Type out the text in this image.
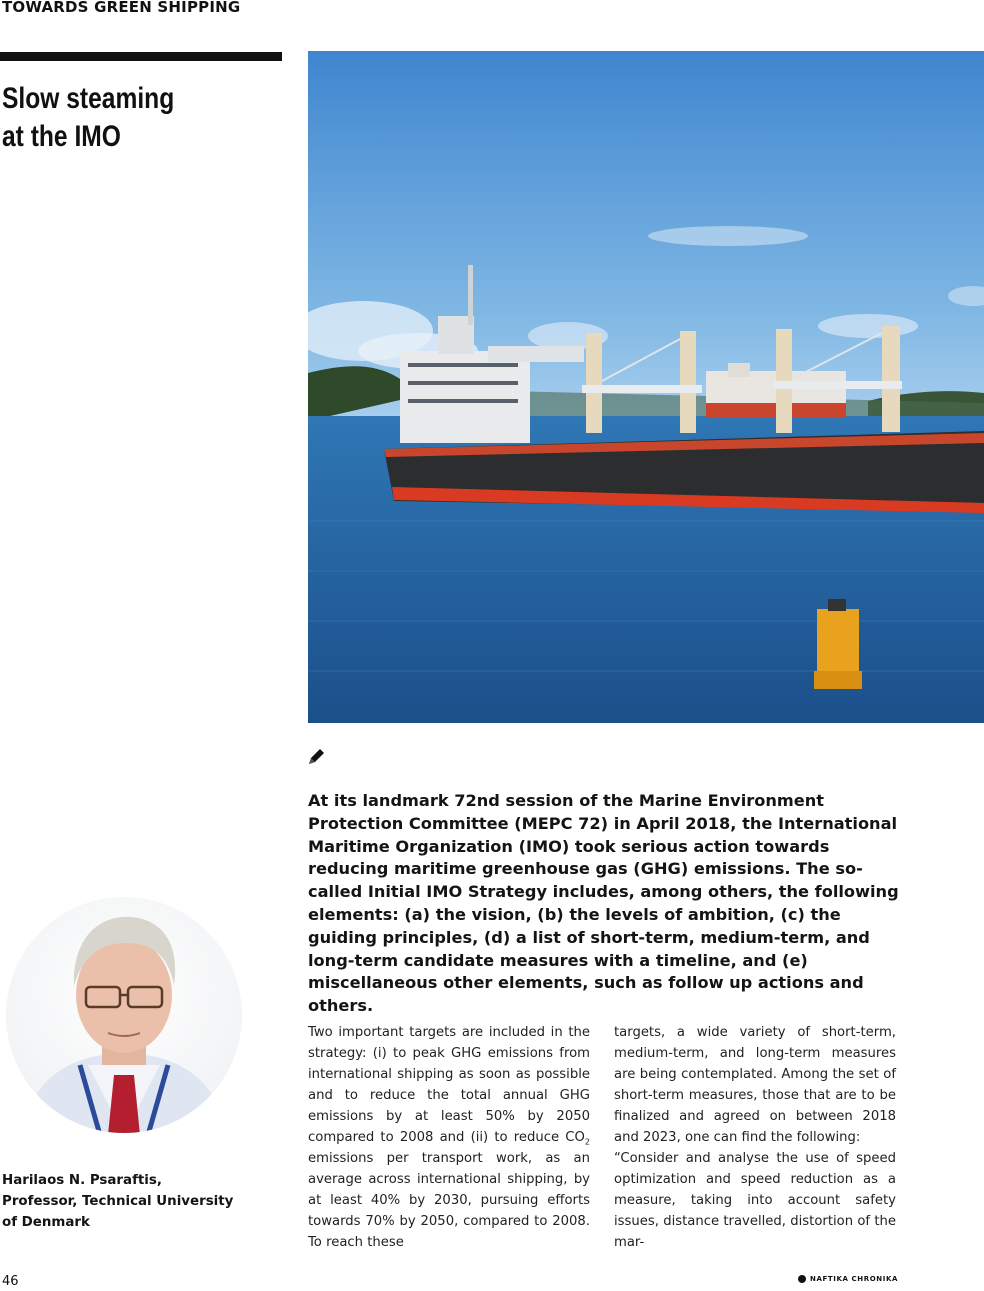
TOWARDS GREEN SHIPPING
Slow steaming
at the IMO

At its landmark 72nd session of the Marine Environment Protection Committee (MEPC 72) in April 2018, the International Maritime Organization (IMO) took serious action towards reducing maritime greenhouse gas (GHG) emissions. The so-called Initial IMO Strategy includes, among others, the following elements: (a) the vision, (b) the levels of ambition, (c) the guiding principles, (d) a list of short-term, medium-term, and long-term candidate measures with a timeline, and (e) miscellaneous other elements, such as follow up actions and others.

Harilaos N. Psaraftis,
Professor, Technical University
of Denmark

Two important targets are included in the strategy: (i) to peak GHG emissions from international shipping as soon as possible and to reduce the total annual GHG emissions by at least 50% by 2050 compared to 2008 and (ii) to reduce $CO_2$ emissions per transport work, as an average across international shipping, by at least 40% by 2030, pursuing efforts towards 70% by 2050, compared to 2008. To reach these

targets, a wide variety of short-term, medium-term, and long-term measures are being contemplated. Among the set of short-term measures, those that are to be finalized and agreed on between 2018 and 2023, one can find the following:

“Consider and analyse the use of speed optimization and speed reduction as a measure, taking into account safety issues, distance travelled, distortion of the mar-

46	NAFTIKA CHRONIKA
